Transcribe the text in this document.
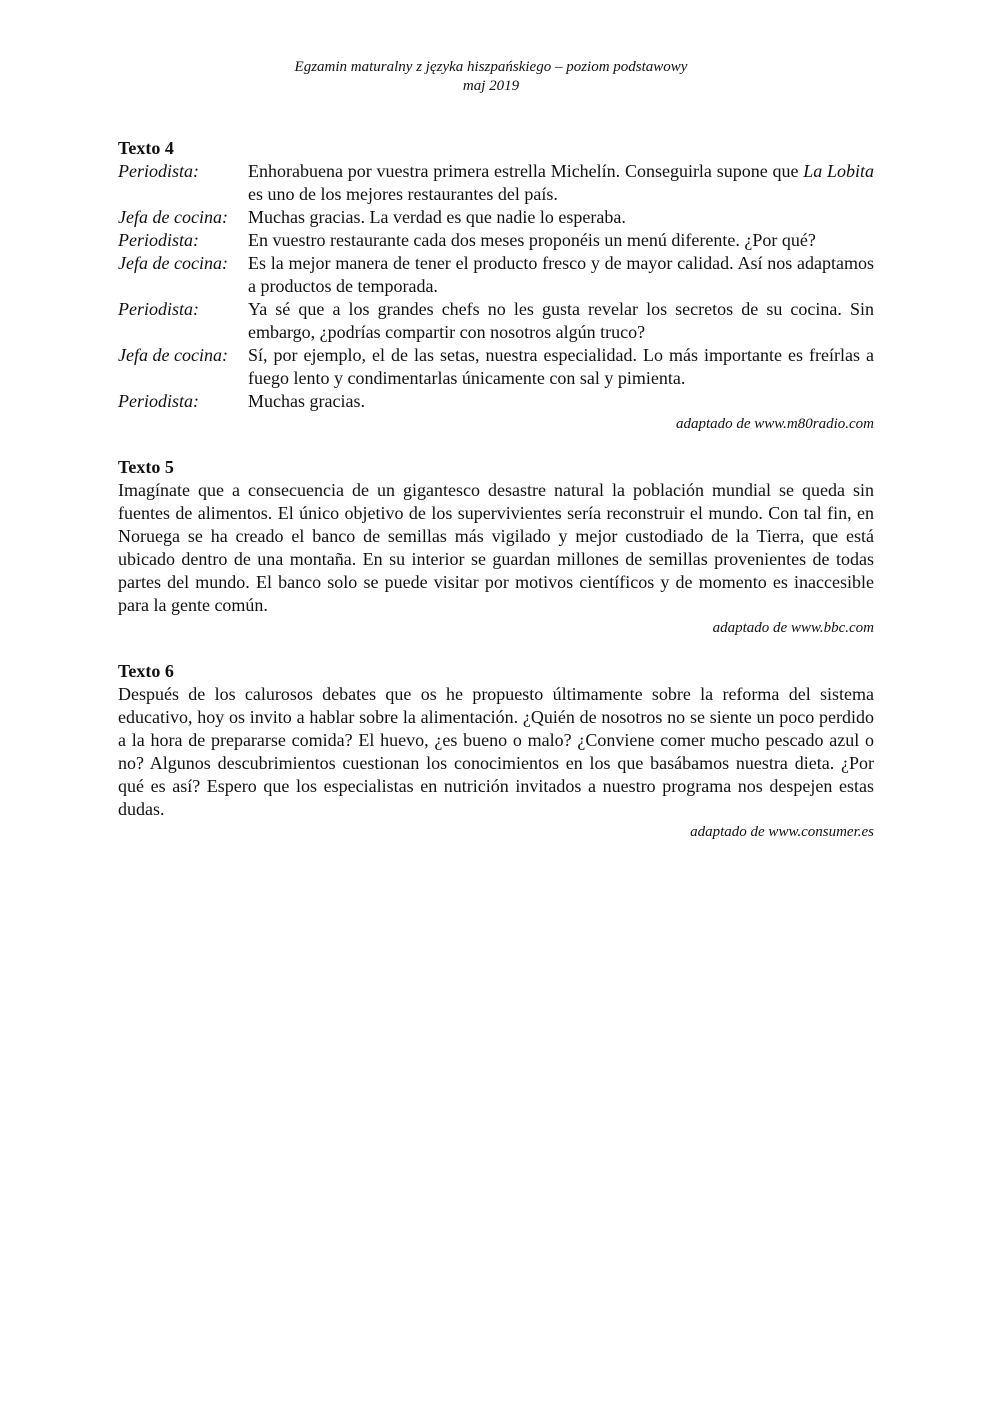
Egzamin maturalny z języka hiszpańskiego – poziom podstawowy
maj 2019
Texto 4
Periodista:	Enhorabuena por vuestra primera estrella Michelín. Conseguirla supone que La Lobita es uno de los mejores restaurantes del país.
Jefa de cocina:	Muchas gracias. La verdad es que nadie lo esperaba.
Periodista:	En vuestro restaurante cada dos meses proponéis un menú diferente. ¿Por qué?
Jefa de cocina:	Es la mejor manera de tener el producto fresco y de mayor calidad. Así nos adaptamos a productos de temporada.
Periodista:	Ya sé que a los grandes chefs no les gusta revelar los secretos de su cocina. Sin embargo, ¿podrías compartir con nosotros algún truco?
Jefa de cocina:	Sí, por ejemplo, el de las setas, nuestra especialidad. Lo más importante es freírlas a fuego lento y condimentarlas únicamente con sal y pimienta.
Periodista:	Muchas gracias.
adaptado de www.m80radio.com
Texto 5

Imagínate que a consecuencia de un gigantesco desastre natural la población mundial se queda sin fuentes de alimentos. El único objetivo de los supervivientes sería reconstruir el mundo. Con tal fin, en Noruega se ha creado el banco de semillas más vigilado y mejor custodiado de la Tierra, que está ubicado dentro de una montaña. En su interior se guardan millones de semillas provenientes de todas partes del mundo. El banco solo se puede visitar por motivos científicos y de momento es inaccesible para la gente común.

adaptado de www.bbc.com
Texto 6

Después de los calurosos debates que os he propuesto últimamente sobre la reforma del sistema educativo, hoy os invito a hablar sobre la alimentación. ¿Quién de nosotros no se siente un poco perdido a la hora de prepararse comida? El huevo, ¿es bueno o malo? ¿Conviene comer mucho pescado azul o no? Algunos descubrimientos cuestionan los conocimientos en los que basábamos nuestra dieta. ¿Por qué es así? Espero que los especialistas en nutrición invitados a nuestro programa nos despejen estas dudas.

adaptado de www.consumer.es
